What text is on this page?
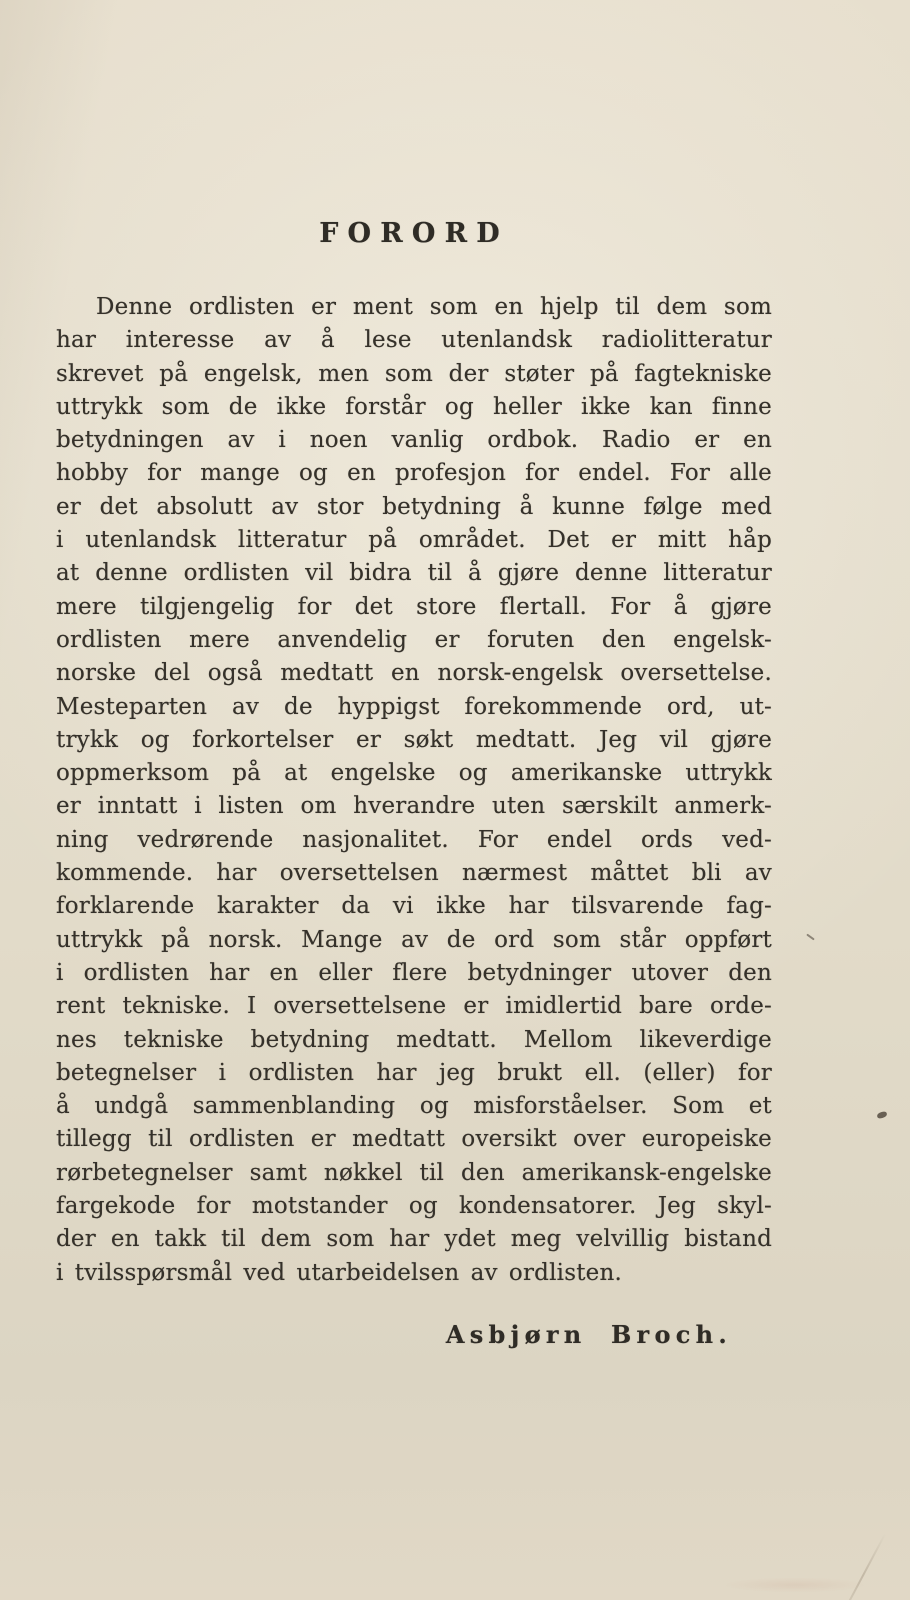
FORORD
Denne ordlisten er ment som en hjelp til dem som
har interesse av å lese utenlandsk radiolitteratur
skrevet på engelsk, men som der støter på fagtekniske
uttrykk som de ikke forstår og heller ikke kan finne
betydningen av i noen vanlig ordbok. Radio er en
hobby for mange og en profesjon for endel. For alle
er det absolutt av stor betydning å kunne følge med
i utenlandsk litteratur på området. Det er mitt håp
at denne ordlisten vil bidra til å gjøre denne litteratur
mere tilgjengelig for det store flertall. For å gjøre
ordlisten mere anvendelig er foruten den engelsk-
norske del også medtatt en norsk-engelsk oversettelse.
Mesteparten av de hyppigst forekommende ord, ut-
trykk og forkortelser er søkt medtatt. Jeg vil gjøre
oppmerksom på at engelske og amerikanske uttrykk
er inntatt i listen om hverandre uten særskilt anmerk-
ning vedrørende nasjonalitet. For endel ords ved-
kommende. har oversettelsen nærmest måttet bli av
forklarende karakter da vi ikke har tilsvarende fag-
uttrykk på norsk. Mange av de ord som står oppført
i ordlisten har en eller flere betydninger utover den
rent tekniske. I oversettelsene er imidlertid bare orde-
nes tekniske betydning medtatt. Mellom likeverdige
betegnelser i ordlisten har jeg brukt ell. (eller) for
å undgå sammenblanding og misforståelser. Som et
tillegg til ordlisten er medtatt oversikt over europeiske
rørbetegnelser samt nøkkel til den amerikansk-engelske
fargekode for motstander og kondensatorer. Jeg skyl-
der en takk til dem som har ydet meg velvillig bistand
i tvilsspørsmål ved utarbeidelsen av ordlisten.
Asbjørn Broch.
